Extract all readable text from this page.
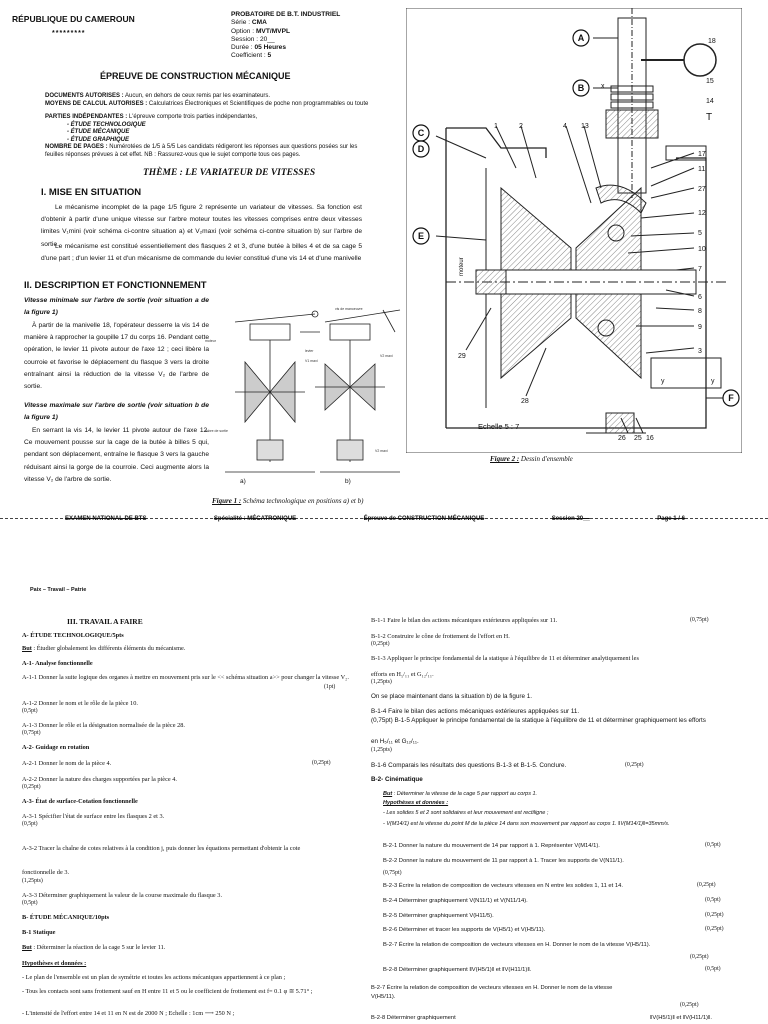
RÉPUBLIQUE DU CAMEROUN
*********
PROBATOIRE DE B.T. INDUSTRIEL
Série : CMA
Option : MVT/MVPL
Session : 20__
Durée : 05 Heures
Coefficient : 5
ÉPREUVE DE CONSTRUCTION MÉCANIQUE
DOCUMENTS AUTORISES : Aucun, en dehors de ceux remis par les examinateurs.
MOYENS DE CALCUL AUTORISES : Calculatrices Électroniques et Scientifiques de poche non programmables ou toute
PARTIES INDÉPENDANTES : L'épreuve comporte trois parties indépendantes,
- ÉTUDE TECHNOLOGIQUE
- ÉTUDE MÉCANIQUE
- ÉTUDE GRAPHIQUE
NOMBRE DE PAGES : Numérotées de 1/5 à 5/5 Les candidats rédigeront les réponses aux questions posées sur les feuilles réponses prévues à cet effet. NB : Rassurez-vous que le sujet comporte tous ces pages.
THÈME : LE VARIATEUR DE VITESSES
I. MISE EN SITUATION
Le mécanisme incomplet de la page 1/5 figure 2 représente un variateur de vitesses. Sa fonction est d'obtenir à partir d'une unique vitesse sur l'arbre moteur toutes les vitesses comprises entre deux vitesses limites V₁mini (voir schéma ci-contre situation a) et V₂maxi (voir schéma ci-contre situation b) sur l'arbre de sortie.
Le mécanisme est constitué essentiellement des flasques 2 et 3, d'une butée à billes 4 et de sa cage 5 d'une part ; d'un levier 11 et d'un mécanisme de commande du levier constitué d'une vis 14 et d'une manivelle
II. DESCRIPTION ET FONCTIONNEMENT
Vitesse minimale sur l'arbre de sortie (voir situation a de la figure 1)
À partir de la manivelle 18, l'opérateur desserre la vis 14 de manière à rapprocher la goupille 17 du corps 16. Pendant cette opération, le levier 11 pivote autour de l'axe 12 ; ceci libère la courroie et favorise le déplacement du flasque 3 vers la droite entraînant ainsi la réduction de la vitesse V₂ de l'arbre de sortie.
Vitesse maximale sur l'arbre de sortie (voir situation b de la figure 1)
En serrant la vis 14, le levier 11 pivote autour de l'axe 12. Ce mouvement pousse sur la cage de la butée à billes 5 qui, pendant son déplacement, entraîne le flasque 3 vers la gauche réduisant ainsi la gorge de la courroie. Ceci augmente alors la vitesse V₂ de l'arbre de sortie.
moteur
levier
V1 maxi
V2 maxi
Arbre de sortie
V2 maxi
vis de manoeuvre
a)	b)
Figure 1 : Schéma technologique en positions a) et b)
moteur
A
B
C
D
E
F
18
15
14
17
11
27
12
5
10
7
6
8
9
3
1	2	4 13
29
28
26 25 16
T
x
y	y
Echelle 5 : 7
Figure 2 : Dessin d'ensemble
EXAMEN NATIONAL DE BTS	Spécialité : MÉCATRONIQUE	Épreuve de CONSTRUCTION MÉCANIQUE	Session 20__	Page 1 / 6
Paix – Travail – Patrie
III. TRAVAIL A FAIRE
A- ÉTUDE TECHNOLOGIQUE/5pts
But : Étudier globalement les différents éléments du mécanisme.
A-1- Analyse fonctionnelle
A-1-1 Donner la suite logique des organes à mettre en mouvement pris sur le << schéma situation a>> pour changer la vitesse V₂.
(1pt)
A-1-2 Donner le nom et le rôle de la pièce 10.
(0,5pt)
A-1-3 Donner le rôle et la désignation normalisée de la pièce 28.
(0,75pt)
A-2- Guidage en rotation
A-2-1 Donner le nom de la pièce 4.	(0,25pt)
A-2-2 Donner la nature des charges supportées par la pièce 4.
(0,25pt)
A-3- État de surface-Cotation fonctionnelle
A-3-1 Spécifier l'état de surface entre les flasques 2 et 3.
(0,5pt)
A-3-2 Tracer la chaîne de cotes relatives à la condition j, puis donner les équations permettant d'obtenir la cote
fonctionnelle de 3.
(1,25pts)
A-3-3 Déterminer graphiquement la valeur de la course maximale du flasque 3.
(0,5pt)
B- ÉTUDE MÉCANIQUE/10pts
B-1 Statique
But : Déterminer la réaction de la cage 5 sur le levier 11.
Hypothèses et données :
- Le plan de l'ensemble est un plan de symétrie et toutes les actions mécaniques appartiennent à ce plan ;
- Tous les contacts sont sans frottement sauf en H entre 11 et 5 ou le coefficient de frottement est f= 0.1 φ ≅ 5.71° ;
- L'intensité de l'effort entre 14 et 11 en N est de 2000 N ; Echelle : 1cm ⟶ 250 N ;
B-1-1 Faire le bilan des actions mécaniques extérieures appliquées sur 11.	(0,75pt)
B-1-2 Construire le cône de frottement de l'effort en H.
(0,25pt)
B-1-3 Appliquer le principe fondamental de la statique à l'équilibre de 11 et déterminer analytiquement les
efforts en H₅/₁₁ et G₁₂/₁₁.
(1,25pts)
On se place maintenant dans la situation b) de la figure 1.
B-1-4 Faire le bilan des actions mécaniques extérieures appliquées sur 11.
(0,75pt) B-1-5 Appliquer le principe fondamental de la statique à l'équilibre de 11 et déterminer graphiquement les efforts
en H₅/₁₁ et G₁₂/₁₁.
(1,25pts)
B-1-6 Comparais les résultats des questions B-1-3 et B-1-5. Conclure.	(0,25pt)
B-2- Cinématique
But : Déterminer la vitesse de la cage 5 par rapport au corps 1.
Hypothèses et données :
- Les solides 5 et 2 sont solidaires et leur mouvement est rectiligne ;
- V(M14/1) est la vitesse du point M de la pièce 14 dans son mouvement par rapport au corps 1. ‖V(M14/1)‖=35mm/s.
B-2-1 Donner la nature du mouvement de 14 par rapport à 1. Représenter V(M14/1).	(0,5pt)
B-2-2 Donner la nature du mouvement de 11 par rapport à 1. Tracer les supports de V(N11/1).
(0,75pt)
B-2-3 Écrire la relation de composition de vecteurs vitesses en N entre les solides 1, 11 et 14.	(0,25pt)
B-2-4 Déterminer graphiquement V(N11/1) et V(N11/14).	(0,5pt)
B-2-5 Déterminer graphiquement V(H11/5).	(0,25pt)
B-2-6 Déterminer et tracer les supports de V(H5/1) et V(H5/11).	(0,25pt)
B-2-7 Écrire la relation de composition de vecteurs vitesses en H. Donner le nom de la vitesse V(H5/11).
(0,25pt)
B-2-8 Déterminer graphiquement ‖V(H5/1)‖ et ‖V(H11/1)‖.	(0,5pt)
B-2-7 Écrire la relation de composition de vecteurs vitesses en H. Donner le nom de la vitesse
V(H5/11).
(0,25pt)
B-2-8 Déterminer graphiquement	‖V(H5/1)‖ et ‖V(H11/1)‖.
